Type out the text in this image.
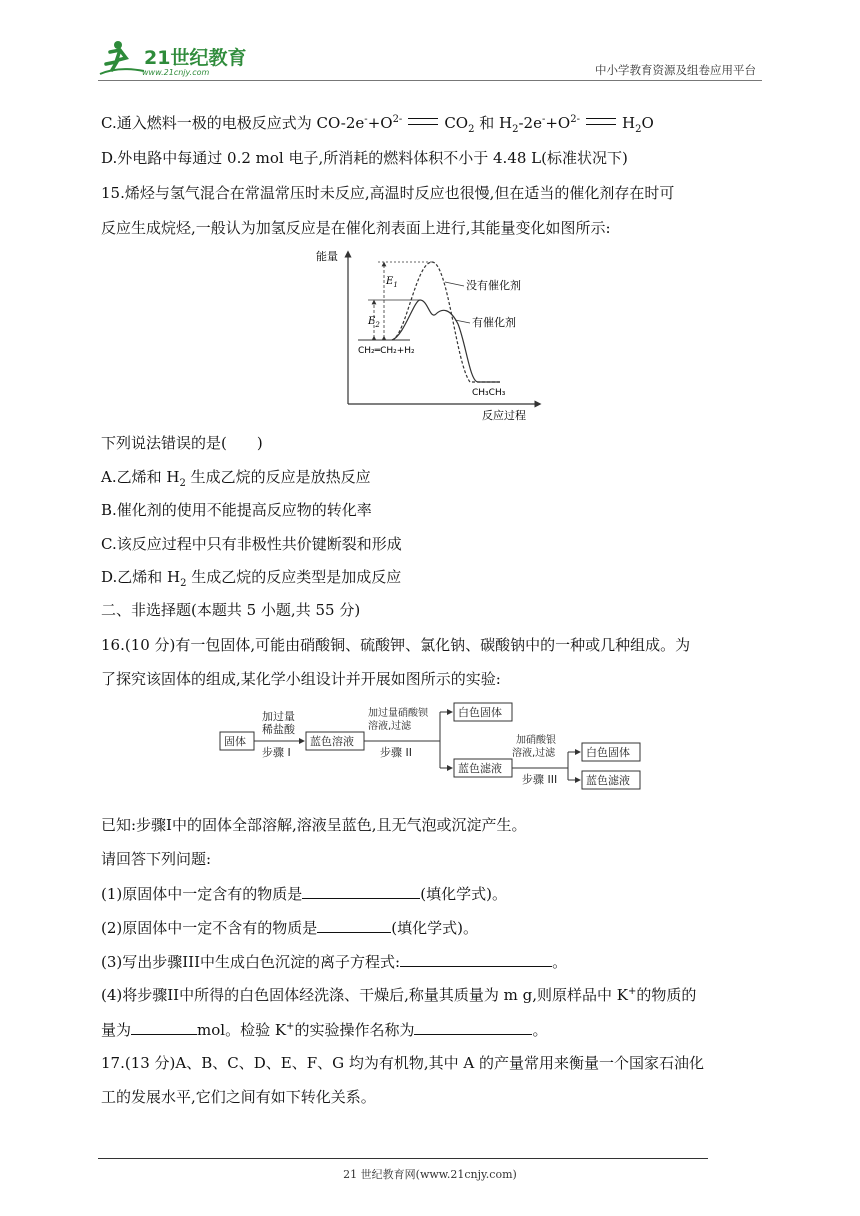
21世纪教育
www.21cnjy.com	中小学教育资源及组卷应用平台
C.通入燃料一极的电极反应式为 $CO-2e^-+O^{2-}$	$CO_2$ 和 $H_2-2e^-+O^{2-}$	$H_2O$
D.外电路中每通过 0.2 mol 电子,所消耗的燃料体积不小于 4.48 L(标准状况下)
15.烯烃与氢气混合在常温常压时未反应,高温时反应也很慢,但在适当的催化剂存在时可
反应生成烷烃,一般认为加氢反应是在催化剂表面上进行,其能量变化如图所示:
能量
反应过程
$E_1$
$E_2$
没有催化剂
有催化剂
CH₂═CH₂+H₂
CH₃CH₃
下列说法错误的是(　　)
A.乙烯和 $H_2$ 生成乙烷的反应是放热反应
B.催化剂的使用不能提高反应物的转化率
C.该反应过程中只有非极性共价键断裂和形成
D.乙烯和 $H_2$ 生成乙烷的反应类型是加成反应
二、非选择题(本题共 5 小题,共 55 分)
16.(10 分)有一包固体,可能由硝酸铜、硫酸钾、氯化钠、碳酸钠中的一种或几种组成。为
了探究该固体的组成,某化学小组设计并开展如图所示的实验:
固体
加过量
稀盐酸
步骤 I
蓝色溶液
加过量硝酸钡
溶液,过滤
步骤 II
白色固体
蓝色滤液
加硝酸银
溶液,过滤
步骤 III
白色固体
蓝色滤液
已知:步骤I中的固体全部溶解,溶液呈蓝色,且无气泡或沉淀产生。
请回答下列问题:
(1)原固体中一定含有的物质是	(填化学式)。
(2)原固体中一定不含有的物质是	(填化学式)。
(3)写出步骤III中生成白色沉淀的离子方程式:	。
(4)将步骤II中所得的白色固体经洗涤、干燥后,称量其质量为 m g,则原样品中 K+的物质的
量为	mol。检验 K+的实验操作名称为	。
17.(13 分)A、B、C、D、E、F、G 均为有机物,其中 A 的产量常用来衡量一个国家石油化
工的发展水平,它们之间有如下转化关系。
21 世纪教育网(www.21cnjy.com)
